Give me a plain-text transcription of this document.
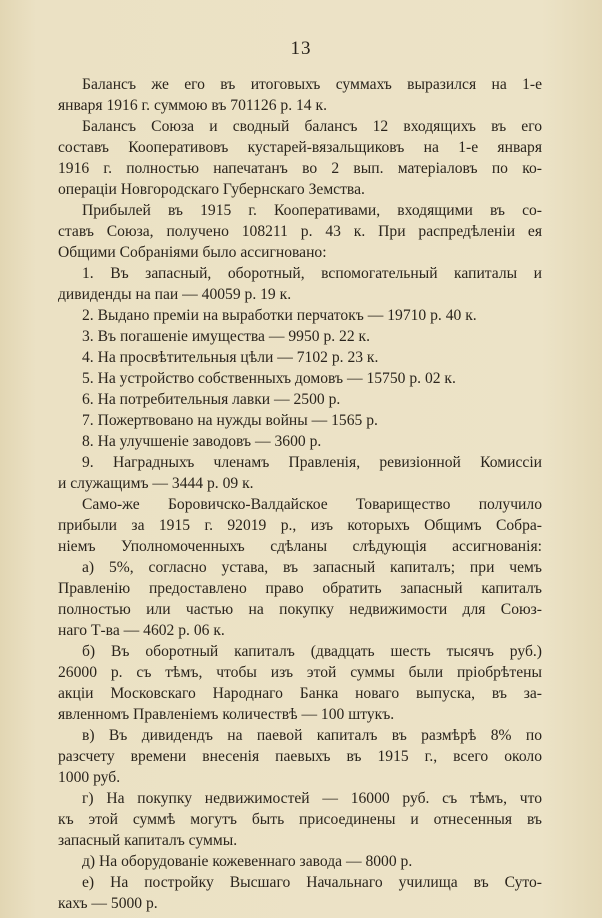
13

Балансъ же его въ итоговыхъ суммахъ выразился на 1-е

января 1916 г. суммою въ 701126 р. 14 к.

Балансъ Союза и сводный балансъ 12 входящихъ въ его

составъ Кооперативовъ кустарей-вязальщиковъ на 1-е января

1916 г. полностью напечатанъ во 2 вып. матеріаловъ по ко-

операціи Новгородскаго Губернскаго Земства.

Прибылей въ 1915 г. Кооперативами, входящими въ со-

ставъ Союза, получено 108211 р. 43 к. При распредѣленіи ея

Общими Собраніями было ассигновано:

1. Въ запасный, оборотный, вспомогательный капиталы и

дивиденды на паи — 40059 р. 19 к.

2. Выдано преміи на выработки перчатокъ — 19710 р. 40 к.

3. Въ погашеніе имущества — 9950 р. 22 к.

4. На просвѣтительныя цѣли — 7102 р. 23 к.

5. На устройство собственныхъ домовъ — 15750 р. 02 к.

6. На потребительныя лавки — 2500 р.

7. Пожертвовано на нужды войны — 1565 р.

8. На улучшеніе заводовъ — 3600 р.

9. Наградныхъ членамъ Правленія, ревизіонной Комиссіи

и служащимъ — 3444 р. 09 к.

Само-же Боровичско-Валдайское Товарищество получило

прибыли за 1915 г. 92019 р., изъ которыхъ Общимъ Собра-

ніемъ Уполномоченныхъ сдѣланы слѣдующія ассигнованія:

а) 5%, согласно устава, въ запасный капиталъ; при чемъ

Правленію предоставлено право обратить запасный капиталъ

полностью или частью на покупку недвижимости для Союз-

наго Т-ва — 4602 р. 06 к.

б) Въ оборотный капиталъ (двадцать шесть тысячъ руб.)

26000 р. съ тѣмъ, чтобы изъ этой суммы были пріобрѣтены

акціи Московскаго Народнаго Банка новаго выпуска, въ за-

явленномъ Правленіемъ количествѣ — 100 штукъ.

в) Въ дивидендъ на паевой капиталъ въ размѣрѣ 8% по

разсчету времени внесенія паевыхъ въ 1915 г., всего около

1000 руб.

г) На покупку недвижимостей — 16000 руб. съ тѣмъ, что

къ этой суммѣ могутъ быть присоединены и отнесенныя въ

запасный капиталъ суммы.

д) На оборудованіе кожевеннаго завода — 8000 р.

е) На постройку Высшаго Начальнаго училища въ Суто-

кахъ — 5000 р.
